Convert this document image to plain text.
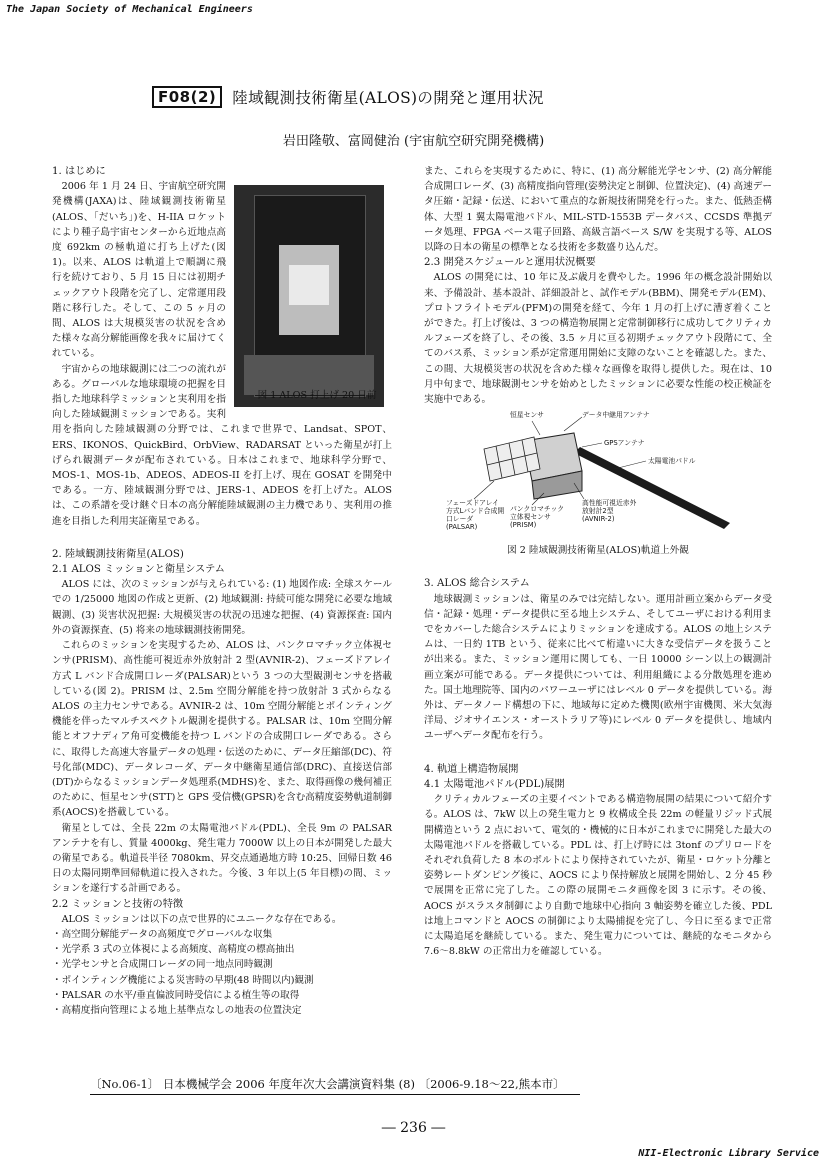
The Japan Society of Mechanical Engineers
F08(2)	陸域観測技術衛星(ALOS)の開発と運用状況
岩田隆敬、富岡健治 (宇宙航空研究開発機構)

1. はじめに

2006 年 1 月 24 日、宇宙航空研究開発機構(JAXA)は、陸域観測技術衛星(ALOS、「だいち」)を、H-IIA ロケットにより種子島宇宙センターから近地点高度 692km の極軌道に打ち上げた(図 1)。以来、ALOS は軌道上で順調に飛行を続けており、5 月 15 日には初期チェックアウト段階を完了し、定常運用段階に移行した。そして、この 5 ヶ月の間、ALOS は大規模災害の状況を含めた様々な高分解能画像を我々に届けてくれている。

宇宙からの地球観測には二つの流れがある。グローバルな地球環境の把握を目指した地球科学ミッションと実利用を指向した陸域観測ミッションである。実利用を指向した陸域観測の分野では、これまで世界で、Landsat、SPOT、ERS、IKONOS、QuickBird、OrbView、RADARSAT といった衛星が打上げられ観測データが配布されている。日本はこれまで、地球科学分野で、MOS-1、MOS-1b、ADEOS、ADEOS-II を打上げ、現在 GOSAT を開発中である。一方、陸域観測分野では、JERS-1、ADEOS を打上げた。ALOS は、この系譜を受け継ぐ日本の高分解能陸域観測の主力機であり、実利用の推進を目指した利用実証衛星である。

図 1 ALOS 打上げ 20 日前

2. 陸域観測技術衛星(ALOS)

2.1 ALOS ミッションと衛星システム

ALOS には、次のミッションが与えられている: (1) 地図作成: 全球スケールでの 1/25000 地図の作成と更新、(2) 地域観測: 持続可能な開発に必要な地域観測、(3) 災害状況把握: 大規模災害の状況の迅速な把握、(4) 資源探査: 国内外の資源探査、(5) 将来の地球観測技術開発。

これらのミッションを実現するため、ALOS は、パンクロマチック立体視センサ(PRISM)、高性能可視近赤外放射計 2 型(AVNIR-2)、フェーズドアレイ方式 L バンド合成開口レーダ(PALSAR)という 3 つの大型観測センサを搭載している(図 2)。PRISM は、2.5m 空間分解能を持つ放射計 3 式からなる ALOS の主力センサである。AVNIR-2 は、10m 空間分解能とポインティング機能を伴ったマルチスペクトル観測を提供する。PALSAR は、10m 空間分解能とオフナディア角可変機能を持つ L バンドの合成開口レーダである。さらに、取得した高速大容量データの処理・伝送のために、データ圧縮部(DC)、符号化部(MDC)、データレコーダ、データ中継衛星通信部(DRC)、直接送信部(DT)からなるミッションデータ処理系(MDHS)を、また、取得画像の幾何補正のために、恒星センサ(STT)と GPS 受信機(GPSR)を含む高精度姿勢軌道制御系(AOCS)を搭載している。

衛星としては、全長 22m の太陽電池パドル(PDL)、全長 9m の PALSAR アンテナを有し、質量 4000kg、発生電力 7000W 以上の日本が開発した最大の衛星である。軌道長半径 7080km、昇交点通過地方時 10:25、回帰日数 46 日の太陽同期準回帰軌道に投入された。今後、3 年以上(5 年目標)の間、ミッションを遂行する計画である。

2.2 ミッションと技術の特徴

ALOS ミッションは以下の点で世界的にユニークな存在である。

・高空間分解能データの高頻度でグローバルな収集

・光学系 3 式の立体視による高頻度、高精度の標高抽出

・光学センサと合成開口レーダの同一地点同時観測

・ポインティング機能による災害時の早期(48 時間以内)観測

・PALSAR の水平/垂直偏波同時受信による植生等の取得

・高精度指向管理による地上基準点なしの地表の位置決定

また、これらを実現するために、特に、(1) 高分解能光学センサ、(2) 高分解能合成開口レーダ、(3) 高精度指向管理(姿勢決定と制御、位置決定)、(4) 高速データ圧縮・記録・伝送、において重点的な新規技術開発を行った。また、低熱歪構体、大型 1 翼太陽電池パドル、MIL-STD-1553B データバス、CCSDS 準拠データ処理、FPGA ベース電子回路、高級言語ベース S/W を実現する等、ALOS 以降の日本の衛星の標準となる技術を多数盛り込んだ。

2.3 開発スケジュールと運用状況概要

ALOS の開発には、10 年に及ぶ歳月を費やした。1996 年の概念設計開始以来、予備設計、基本設計、詳細設計と、試作モデル(BBM)、開発モデル(EM)、プロトフライトモデル(PFM)の開発を経て、今年 1 月の打上げに漕ぎ着くことができた。打上げ後は、3 つの構造物展開と定常制御移行に成功してクリティカルフェーズを終了し、その後、3.5 ヶ月に亘る初期チェックアウト段階にて、全てのバス系、ミッション系が定常運用開始に支障のないことを確認した。また、この間、大規模災害の状況を含めた様々な画像を取得し提供した。現在は、10 月中旬まで、地球観測センサを始めとしたミッションに必要な性能の校正検証を実施中である。

恒星センサ	データ中継用アンテナ
GPSアンテナ
太陽電池パドル
フェーズドアレイ
方式Lバンド合成開
口レーダ
(PALSAR)
パンクロマチック
立体視センサ
(PRISM)
高性能可視近赤外
放射計2型
(AVNIR-2)
図 2 陸域観測技術衛星(ALOS)軌道上外観

3. ALOS 総合システム

地球観測ミッションは、衛星のみでは完結しない。運用計画立案からデータ受信・記録・処理・データ提供に至る地上システム、そしてユーザにおける利用までをカバーした総合システムによりミッションを達成する。ALOS の地上システムは、一日約 1TB という、従来に比べて桁違いに大きな受信データを扱うことが出来る。また、ミッション運用に関しても、一日 10000 シーン以上の観測計画立案が可能である。データ提供については、利用組織による分散処理を進めた。国土地理院等、国内のパワーユーザにはレベル 0 データを提供している。海外は、データノード構想の下に、地域毎に定めた機関(欧州宇宙機関、米大気海洋局、ジオサイエンス・オーストラリア等)にレベル 0 データを提供し、地域内ユーザへデータ配布を行う。

4. 軌道上構造物展開

4.1 太陽電池パドル(PDL)展開

クリティカルフェーズの主要イベントである構造物展開の結果について紹介する。ALOS は、7kW 以上の発生電力と 9 枚構成全長 22m の軽量リジッド式展開構造という 2 点において、電気的・機械的に日本がこれまでに開発した最大の太陽電池パドルを搭載している。PDL は、打上げ時には 3tonf のプリロードをそれぞれ負荷した 8 本のボルトにより保持されていたが、衛星・ロケット分離と姿勢レートダンピング後に、AOCS により保持解放と展開を開始し、2 分 45 秒で展開を正常に完了した。この際の展開モニタ画像を図 3 に示す。その後、AOCS がスラスタ制御により自動で地球中心指向 3 軸姿勢を確立した後、PDL は地上コマンドと AOCS の制御により太陽捕捉を完了し、今日に至るまで正常に太陽追尾を継続している。また、発生電力については、継続的なモニタから 7.6〜8.8kW の正常出力を確認している。

〔No.06-1〕 日本機械学会 2006 年度年次大会講演資料集 (8) 〔2006-9.18〜22,熊本市〕
― 236 ―
NII-Electronic Library Service
